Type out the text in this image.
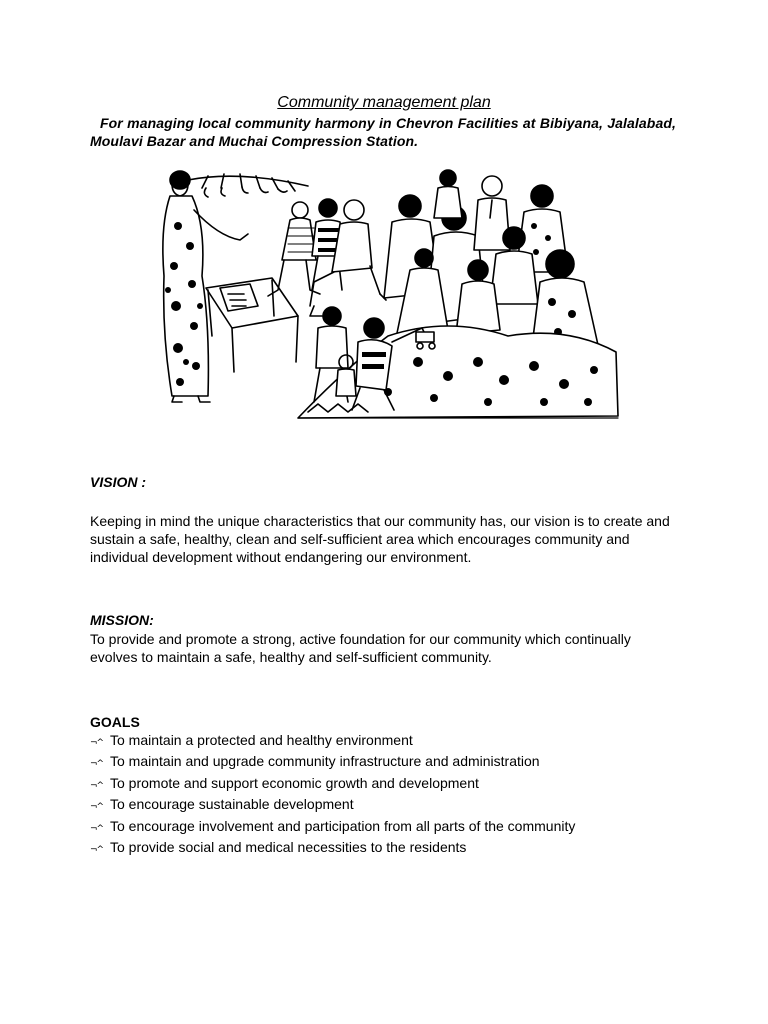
Community management plan

For managing local community harmony in Chevron Facilities at Bibiyana, Jalalabad, Moulavi Bazar and Muchai Compression Station.

VISION :

Keeping in mind the unique characteristics that our community has, our vision is to create and sustain a safe, healthy, clean and self-sufficient area which encourages community and individual development without endangering our environment.

MISSION:

To provide and promote a strong, active foundation for our community which continually evolves to maintain a safe, healthy and self-sufficient community.

GOALS
¬^ To maintain a protected and healthy environment
¬^ To maintain and upgrade community infrastructure and administration
¬^ To promote and support economic growth and development
¬^ To encourage sustainable development
¬^ To encourage involvement and participation from all parts of the community
¬^ To provide social and medical necessities to the residents
